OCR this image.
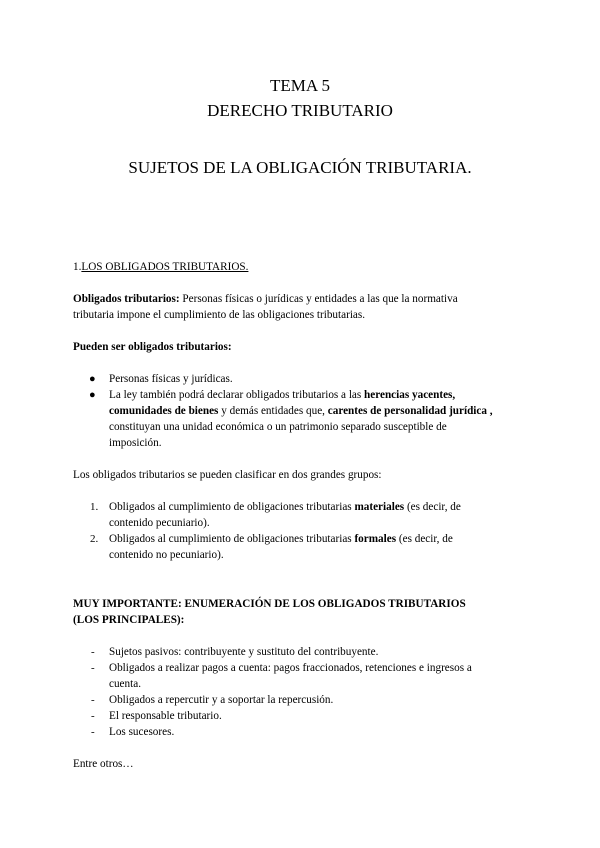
TEMA 5
DERECHO TRIBUTARIO
SUJETOS DE LA OBLIGACIÓN TRIBUTARIA.
1.LOS OBLIGADOS TRIBUTARIOS.
Obligados tributarios: Personas físicas o jurídicas y entidades a las que la normativa
tributaria impone el cumplimiento de las obligaciones tributarias.
Pueden ser obligados tributarios:
● Personas físicas y jurídicas.
● La ley también podrá declarar obligados tributarios a las herencias yacentes,
comunidades de bienes y demás entidades que, carentes de personalidad jurídica ,
constituyan una unidad económica o un patrimonio separado susceptible de
imposición.
Los obligados tributarios se pueden clasificar en dos grandes grupos:
1. Obligados al cumplimiento de obligaciones tributarias materiales (es decir, de
contenido pecuniario).
2. Obligados al cumplimiento de obligaciones tributarias formales (es decir, de
contenido no pecuniario).
MUY IMPORTANTE: ENUMERACIÓN DE LOS OBLIGADOS TRIBUTARIOS
(LOS PRINCIPALES):
- Sujetos pasivos: contribuyente y sustituto del contribuyente.
- Obligados a realizar pagos a cuenta: pagos fraccionados, retenciones e ingresos a
cuenta.
- Obligados a repercutir y a soportar la repercusión.
- El responsable tributario.
- Los sucesores.
Entre otros…
